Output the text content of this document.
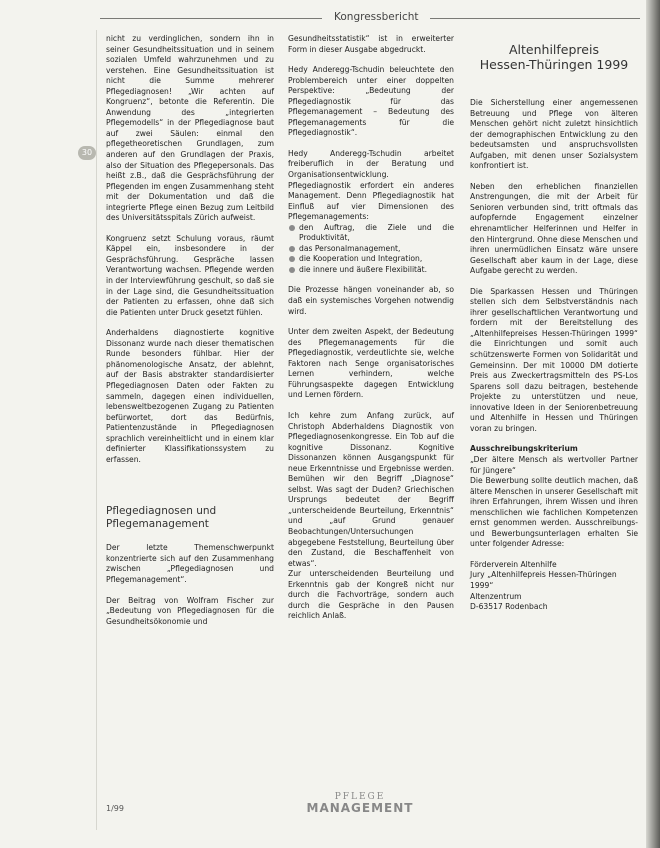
Kongressbericht
30

nicht zu verdinglichen, sondern ihn in seiner Gesundheitssituation und in seinem sozialen Umfeld wahrzunehmen und zu verstehen. Eine Gesundheitssituation ist nicht die Summe mehrerer Pflegediagnosen! „Wir achten auf Kongruenz“, betonte die Referentin. Die Anwendung des „integrierten Pflegemodells“ in der Pflegediagnose baut auf zwei Säulen: einmal den pflegetheoretischen Grundlagen, zum anderen auf den Grundlagen der Praxis, also der Situation des Pflegepersonals. Das heißt z.B., daß die Gesprächsführung der Pflegenden im engen Zusammenhang steht mit der Dokumentation und daß die integrierte Pflege einen Bezug zum Leitbild des Universitätsspitals Zürich aufweist.

Kongruenz setzt Schulung voraus, räumt Käppel ein, insbesondere in der Gesprächsführung. Gespräche lassen Verantwortung wachsen. Pflegende werden in der Interviewführung geschult, so daß sie in der Lage sind, die Gesundheitssituation der Patienten zu erfassen, ohne daß sich die Patienten unter Druck gesetzt fühlen.

Anderhaldens diagnostierte kognitive Dissonanz wurde nach dieser thematischen Runde besonders fühlbar. Hier der phänomenologische Ansatz, der ablehnt, auf der Basis abstrakter standardisierter Pflegediagnosen Daten oder Fakten zu sammeln, dagegen einen individuellen, lebensweltbezogenen Zugang zu Patienten befürwortet, dort das Bedürfnis, Patientenzustände in Pflegediagnosen sprachlich vereinheitlicht und in einem klar definierter Klassifikationssystem zu erfassen.

Pflegediagnosen und Pflegemanagement

Der letzte Themenschwerpunkt konzentrierte sich auf den Zusammenhang zwischen „Pflegediagnosen und Pflegemanagement“.

Der Beitrag von Wolfram Fischer zur „Bedeutung von Pflegediagnosen für die Gesundheitsökonomie und

Gesundheitsstatistik“ ist in erweiterter Form in dieser Ausgabe abgedruckt.

Hedy Anderegg-Tschudin beleuchtete den Problembereich unter einer doppelten Perspektive: „Bedeutung der Pflegediagnostik für das Pflegemanagement – Bedeutung des Pflegemanagements für die Pflegediagnostik“.

Hedy Anderegg-Tschudin arbeitet freiberuflich in der Beratung und Organisationsentwicklung. Pflegediagnostik erfordert ein anderes Management. Denn Pflegediagnostik hat Einfluß auf vier Dimensionen des Pflegemanagements:

den Auftrag, die Ziele und die Produktivität,
das Personalmanagement,
die Kooperation und Integration,
die innere und äußere Flexibilität.

Die Prozesse hängen voneinander ab, so daß ein systemisches Vorgehen notwendig wird.

Unter dem zweiten Aspekt, der Bedeutung des Pflegemanagements für die Pflegediagnostik, verdeutlichte sie, welche Faktoren nach Senge organisatorisches Lernen verhindern, welche Führungsaspekte dagegen Entwicklung und Lernen fördern.

Ich kehre zum Anfang zurück, auf Christoph Abderhaldens Diagnostik von Pflegediagnosenkongresse. Ein Tob auf die kognitive Dissonanz. Kognitive Dissonanzen können Ausgangspunkt für neue Erkenntnisse und Ergebnisse werden. Bemühen wir den Begriff „Diagnose“ selbst. Was sagt der Duden? Griechischen Ursprungs bedeutet der Begriff „unterscheidende Beurteilung, Erkenntnis“ und „auf Grund genauer Beobachtungen/Untersuchungen abgegebene Feststellung, Beurteilung über den Zustand, die Beschaffenheit von etwas“.

Zur unterscheidenden Beurteilung und Erkenntnis gab der Kongreß nicht nur durch die Fachvorträge, sondern auch durch die Gespräche in den Pausen reichlich Anlaß.

Altenhilfepreis
Hessen-Thüringen 1999

Die Sicherstellung einer angemessenen Betreuung und Pflege von älteren Menschen gehört nicht zuletzt hinsichtlich der demographischen Entwicklung zu den bedeutsamsten und anspruchsvollsten Aufgaben, mit denen unser Sozialsystem konfrontiert ist.

Neben den erheblichen finanziellen Anstrengungen, die mit der Arbeit für Senioren verbunden sind, tritt oftmals das aufopfernde Engagement einzelner ehrenamtlicher Helferinnen und Helfer in den Hintergrund. Ohne diese Menschen und ihren unermüdlichen Einsatz wäre unsere Gesellschaft aber kaum in der Lage, diese Aufgabe gerecht zu werden.

Die Sparkassen Hessen und Thüringen stellen sich dem Selbstverständnis nach ihrer gesellschaftlichen Verantwortung und fordern mit der Bereitstellung des „Altenhilfepreises Hessen-Thüringen 1999“ die Einrichtungen und somit auch schützenswerte Formen von Solidarität und Gemeinsinn. Der mit 10000 DM dotierte Preis aus Zweckertragsmitteln des PS-Los Sparens soll dazu beitragen, bestehende Projekte zu unterstützen und neue, innovative Ideen in der Seniorenbetreuung und Altenhilfe in Hessen und Thüringen voran zu bringen.

Ausschreibungskriterium

„Der ältere Mensch als wertvoller Partner für Jüngere“

Die Bewerbung sollte deutlich machen, daß ältere Menschen in unserer Gesellschaft mit ihren Erfahrungen, ihrem Wissen und ihren menschlichen wie fachlichen Kompetenzen ernst genommen werden. Ausschreibungs- und Bewerbungsunterlagen erhalten Sie unter folgender Adresse:

Förderverein Altenhilfe

Jury „Altenhilfepreis Hessen-Thüringen 1999“

Altenzentrum

D-63517 Rodenbach

1/99
PFLEGE
MANAGEMENT
